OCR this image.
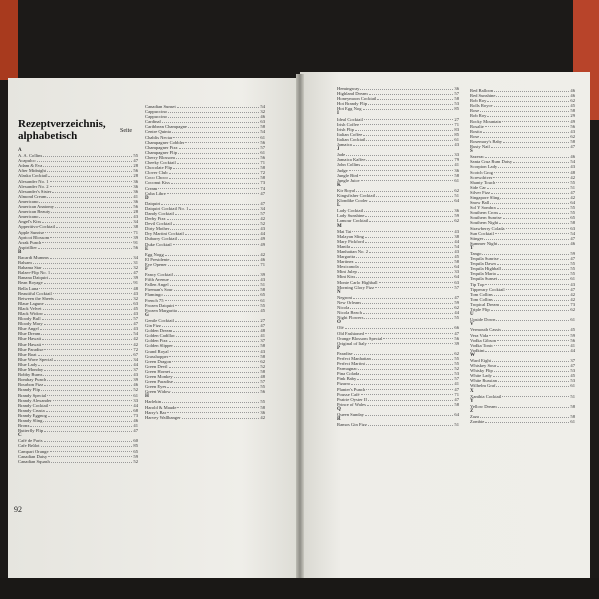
Rezeptverzeichnis, alphabetisch	Seite
92
A
A. A. Collins	55
Acapulco	47
Adam & Eva	28
After Midnight	56
Alaska Cocktail	28
Alexander No. 1	36
Alexander No. 2	36
Alexander's Sister	36
Almond Cream	41
Americano	36
American Anatomy	56
American Beauty	28
Americano	43
Angel's Kiss	34
Apperitivo-Cocktail	38
Apple Sunrise	71
Apricot Blossom	39
Arrak Punch	91
Aspirillier	56
B
Bacardi Mumms	34
Balsam	31
Bahama Star	32
Balzer-Flip No. 1	47
Banana Daiquiri	39
Bean Royage	91
Bella Luna	48
Beautiful Cocktail	43
Between the Sheets	32
Blaue Lagune	63
Black Velvet	45
Black Widow	43
Bloody Bull	57
Bloody Mary	47
Blue Angel	43
Blue Dream	54
Blue Hawaii	42
Blue Hawaii	42
Blue Paradise	72
Blue Boat	67
Blue Wave Special	34
Blue Lady	44
Blue Monday	37
Bobby Burns	43
Bombay Punch	39
Bourbon Fizz	46
Brandy Flip	52
Brandy Special	61
Brandy Alexander	33
Brandy Cocktail	44
Brandy Crusta	68
Brandy Eggnog	73
Brandy Sling	46
Bronx	41
Butterfly Flip	47
C
Café de Paris	60
Cafe Brûlot	85
Campari Orange	65
Canadian Daisy	59
Canadian Squash	52
Canadian Sunset	54
Cappuccino	32
Cappuccino	46
Cardinal	63
Caribbean Champagne	58
Centre Quinta	54
Chablis Nectar	61
Champagner Cobbler	56
Champagner Fizz	57
Champagner Flip	61
Cherry Blossom	56
Cheeky Cocktail	71
Chocolate Flip	58
Clover Club	72
Coco Choco	58
Coconut Kiss	73
Cream	74
Cuba Libre	47
D
Daiquiri	47
Daiquiri Cocktail No. 1	34
Dandy Cocktail	57
Derby Fizz	42
Devil Cocktail	52
Dirty Mother	43
Dry Martini Cocktail	44
Dubarry Cocktail	49
Duke Cocktail	49
E
Egg Nogg	42
El Presidente	46
Eye Opener	71
F
Fancy Cocktail	39
Fifth Avenue	43
Fallen Angel	51
Fireman's Sour	58
Flamingo	65
French 75	61
Frozen Daiquiri	55
Frozen Margarita	45
G
Gentle Cocktail	27
Gin Fizz	47
Golden Dream	48
Golden Cadillac	41
Golden Fizz	37
Golden Slipper	58
Grand Royal	43
Grasshopper	58
Green Dragon	62
Green Devil	52
Green Hornet	58
Green Monkey	48
Green Paradise	57
Green Eyes	55
Green Widow	56
H
Harlekin	55
Harold & Maude	58
Harry's Bar	36
Harvey Wallbanger	42
Hemingway	36
Highland Dream	57
Honeymoon Cocktail	58
Hot Brandy Flip	53
Hot Egg Nog	85
I
Ideal Cocktail	27
Irish Coffee	71
Irish Flip	83
Italian Coffee	85
Italian Cocktail	61
Jamaica	43
J
Jade	33
Jamaica Kaffee	79
John Collins	41
Judge	36
Jungle Bird	58
Jungle Juice	61
K
Kir Royal	62
Kingsfisher Cocktail	51
Klondike Cooler	64
L
Lady Cocktail	36
Lady Sunshine	59
Lamour Cocktail	62
M
Mai Tai	43
Malayan Sling	38
Mary Pickford	44
Manila	54
Manhattan No. 2	43
Margarita	45
Martinez	58
Mexicanola	64
Mint Julep	33
Mint Kiss	64
Monte Carlo Highball	63
Morning Glory Fizz	57
N
Negroni	47
New Orleans	59
Nicola	62
Nicola Beach	44
Night Flowers	55
O
Olé	66
Old Fashioned	47
Orange Blossom Special	56
Original of Italy	39
P
Paradise	62
Perfect Manhattan	55
Perfect Martini	55
Parmagnac	52
Pina Colada	53
Pink Baby	57
Pizarro	41
Planter's Punch	47
Pousse Café	71
Prairie Oyster II	47
Prince of Wales	58
Q
Queen Sunday	64
R
Ramos Gin Fizz	51
Red Balloon	46
Red Sunshine	46
Rob Roy	62
Rolls Royce	45
Rose	58
Rob Roy	29
Rocky Mountain	49
Rosalie	56
Rosita	43
Rose	62
Rosemary's Baby	58
Rusty Nail	47
S
Sazerac	46
Santa Cruz Rum Daisy	54
Scorpion Lady	43
Scotch Grog	48
Screwdriver	42
Shanty Touch	55
Side Car	51
Silver Fizz	47
Singapore Sling	42
Snow Ball	64
Sol Y Sombra	55
Southern Cross	55
Southern Sunrise	65
Southern Night	58
Strawberry Colada	63
Sun Cocktail	54
Stinger	47
Summer Night	46
T
Tango	59
Tequila Sunrise	47
Tequila Dawn	55
Tequila Highball	55
Tequila Maria	55
Tequila Sunset	61
Tip Top	43
Tipperary Cocktail	47
Tom Collins	42
Tom Collins	42
Tropical Dream	73
Triple Flip	62
U
Upside Down	61
V
Vermouth Cassis	45
Vera Vida	59
Vodka Gibson	56
Vodka Tonic	41
Vodkini	44
W
Ward Eight	37
Whiskey Sour	47
Whisky Flip	53
White Lady	45
White Russian	53
Wilhelm Graf	61
X
Xanthia Cocktail	51
Y
Yellow Dream	58
Z
Zaza	58
Zombie	61
